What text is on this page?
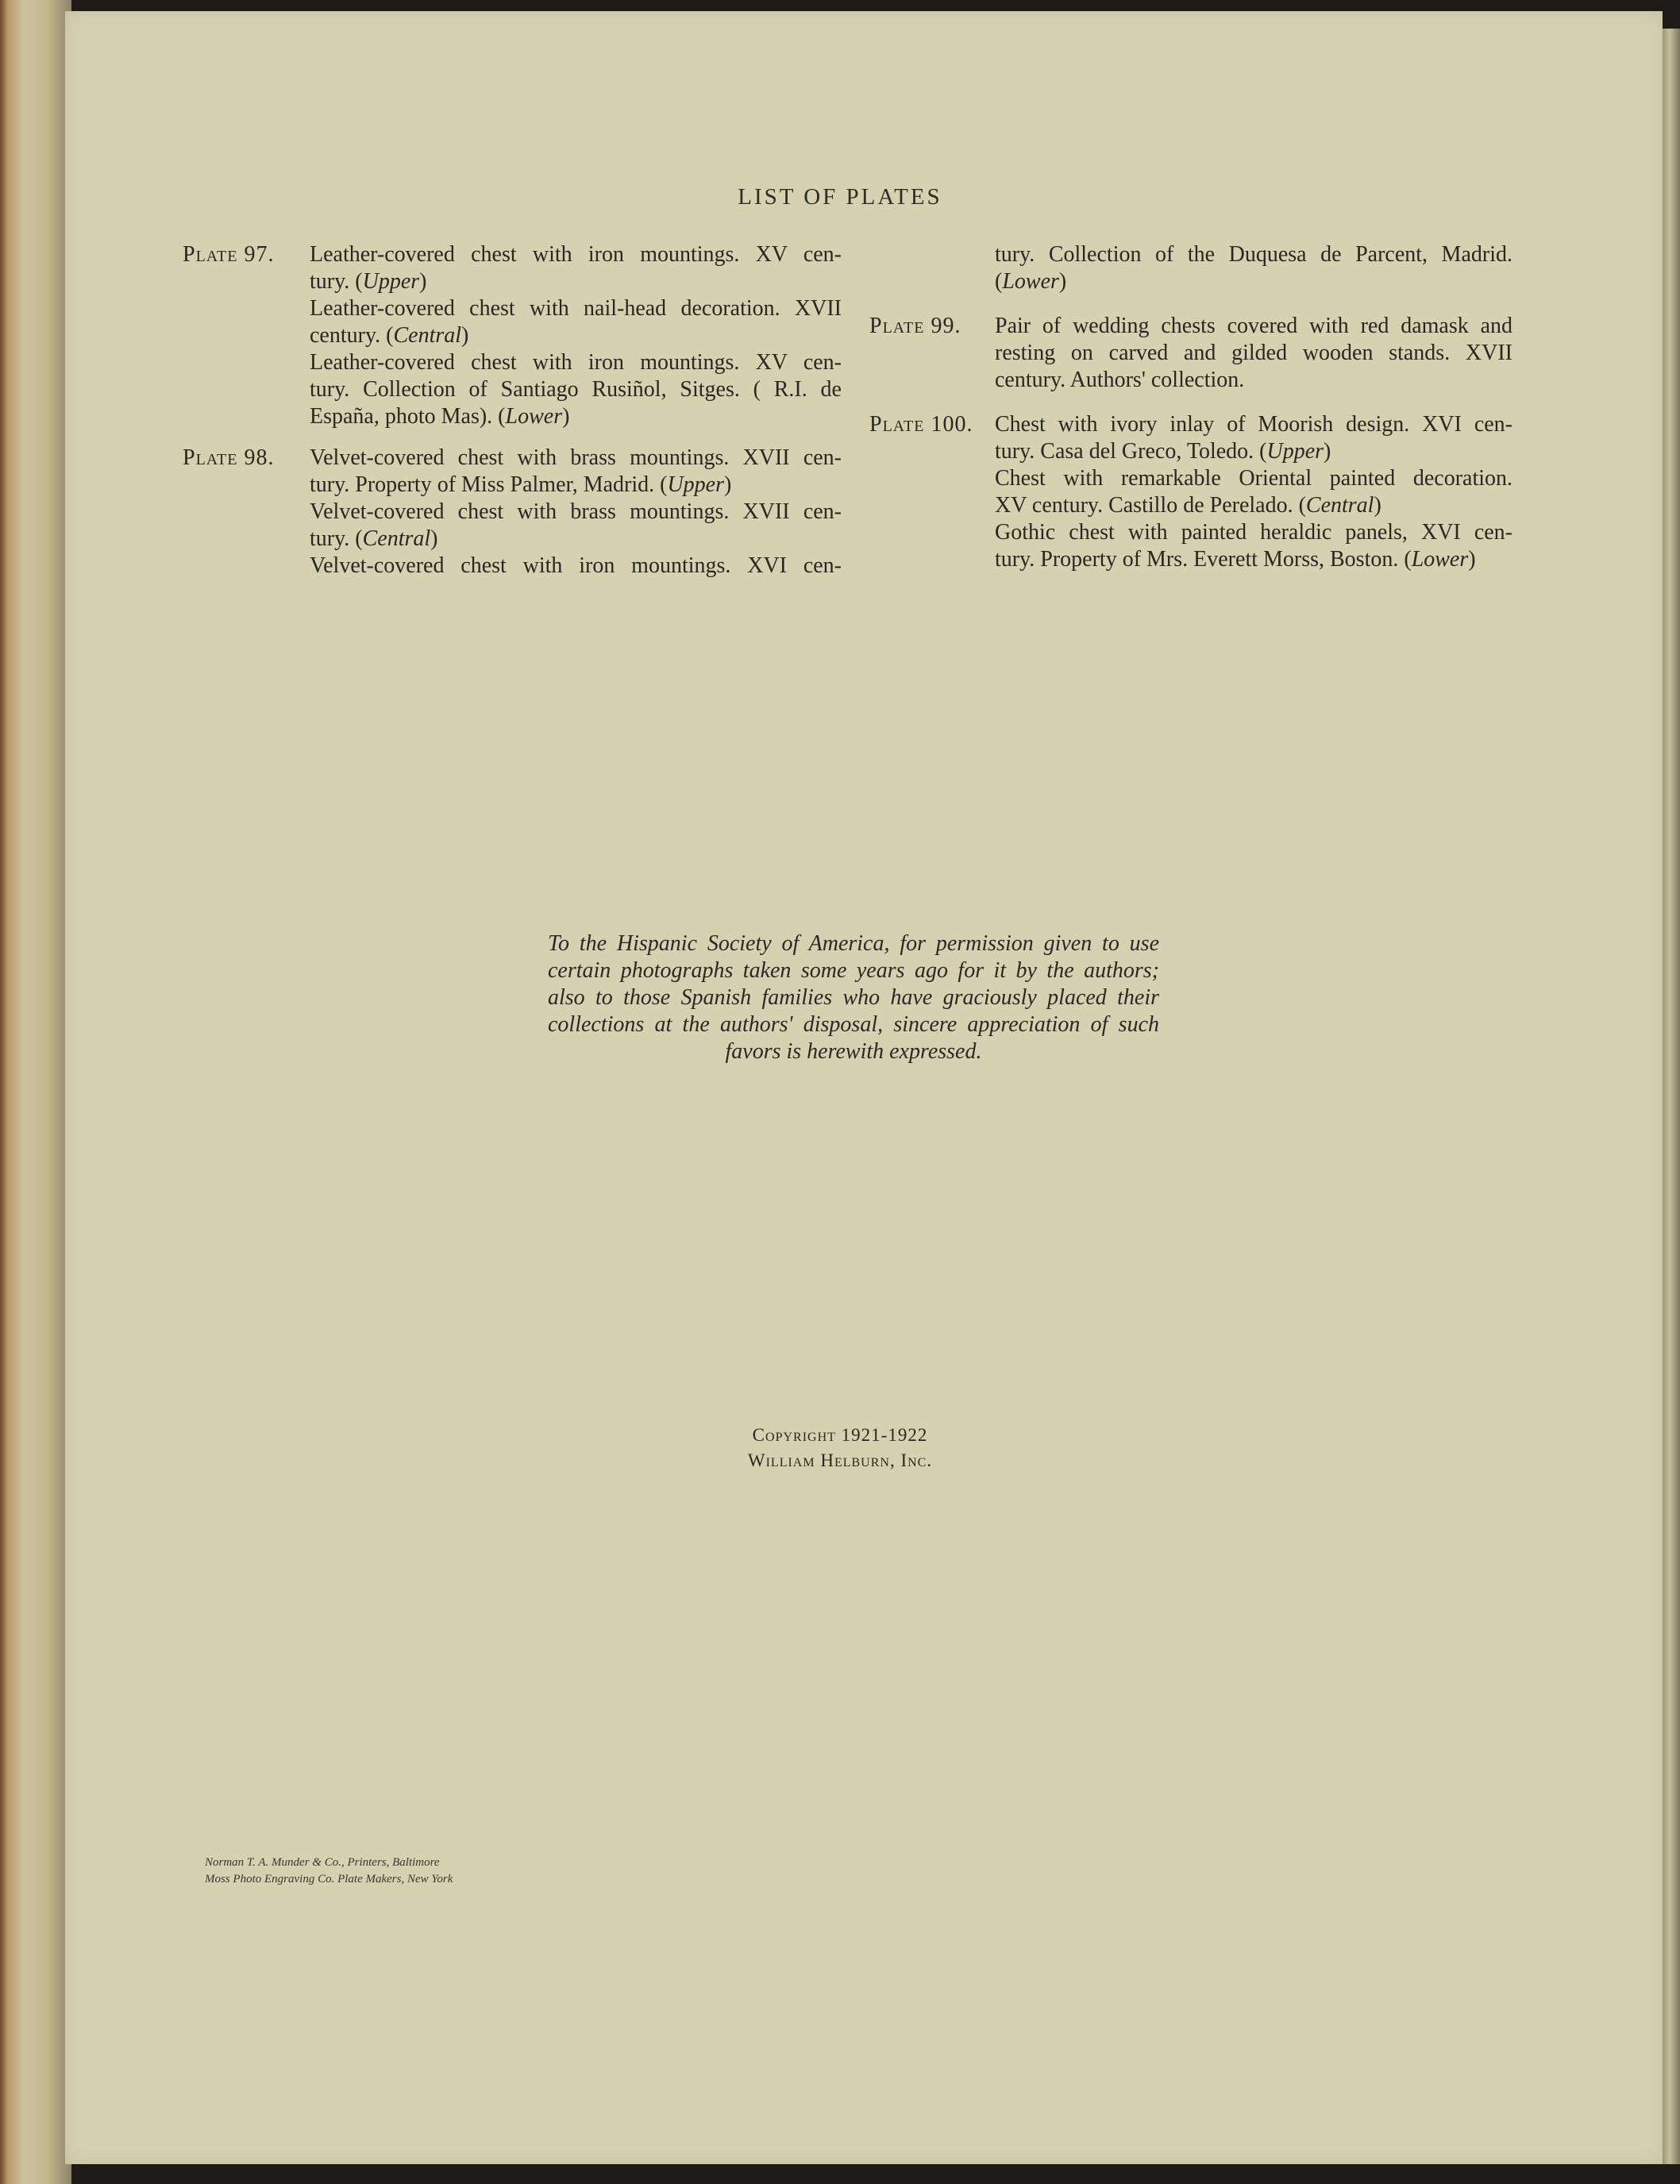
LIST OF PLATES
Plate 97.	Leather-covered chest with iron mountings. XV cen-
tury. (Upper)
Leather-covered chest with nail-head decoration. XVII
century. (Central)
Leather-covered chest with iron mountings. XV cen-
tury. Collection of Santiago Rusiñol, Sitges. ( R.I. de
España, photo Mas). (Lower)
Plate 98.	Velvet-covered chest with brass mountings. XVII cen-
tury. Property of Miss Palmer, Madrid. (Upper)
Velvet-covered chest with brass mountings. XVII cen-
tury. (Central)
Velvet-covered chest with iron mountings. XVI cen-
tury. Collection of the Duquesa de Parcent, Madrid.
(Lower)
Plate 99.	Pair of wedding chests covered with red damask and
resting on carved and gilded wooden stands. XVII
century. Authors' collection.
Plate 100. Chest with ivory inlay of Moorish design. XVI cen-
tury. Casa del Greco, Toledo. (Upper)
Chest with remarkable Oriental painted decoration.
XV century. Castillo de Perelado. (Central)
Gothic chest with painted heraldic panels, XVI cen-
tury. Property of Mrs. Everett Morss, Boston. (Lower)
To the Hispanic Society of America, for permission given to use
certain photographs taken some years ago for it by the authors;
also to those Spanish families who have graciously placed their
collections at the authors' disposal, sincere appreciation of such
favors is herewith expressed.
Copyright 1921-1922
William Helburn, Inc.
Norman T. A. Munder & Co., Printers, Baltimore
Moss Photo Engraving Co. Plate Makers, New York
